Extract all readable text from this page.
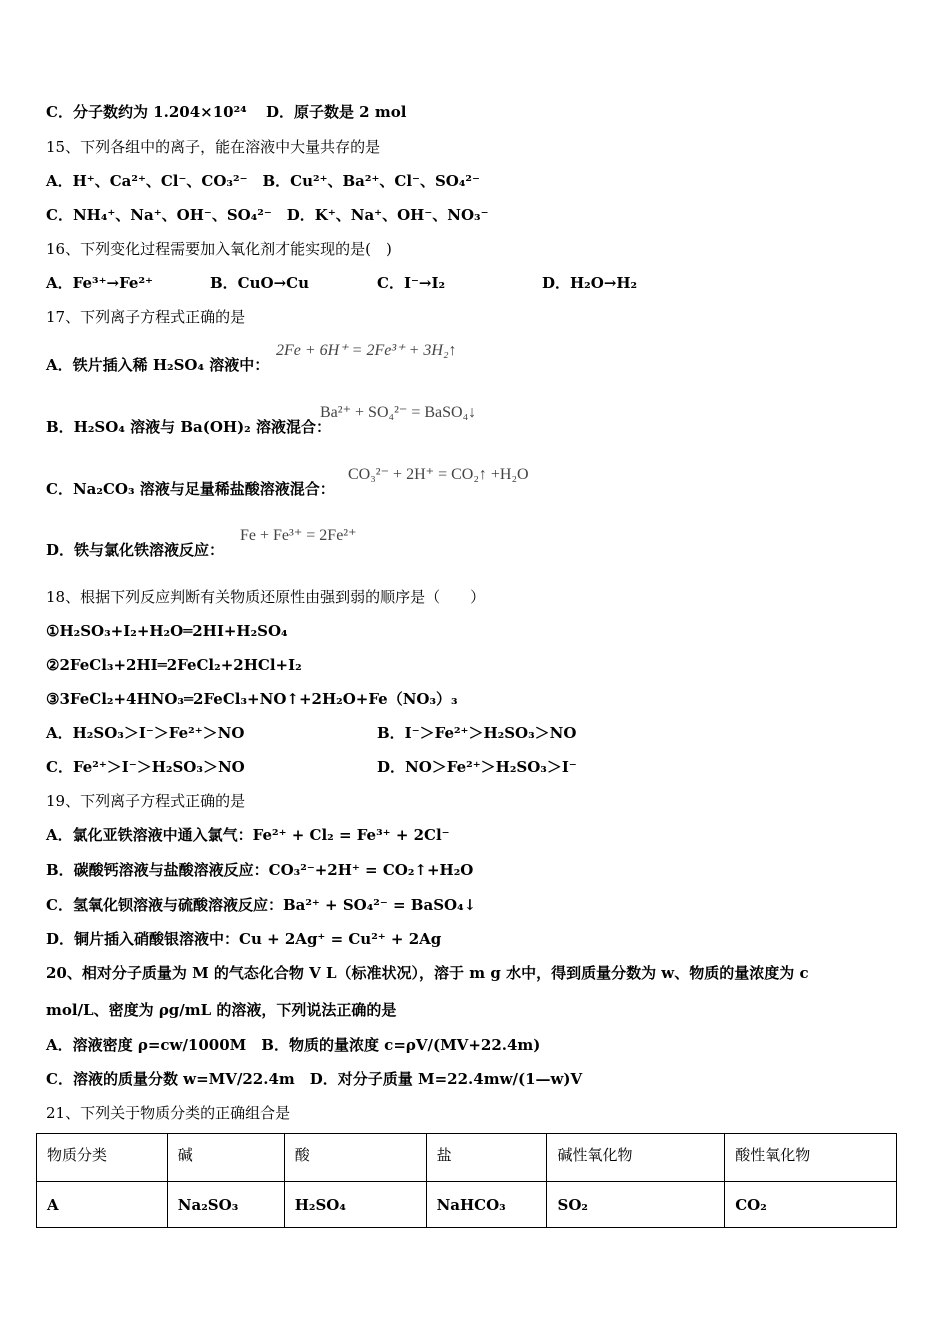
C．分子数约为 1.204×10²⁴ D．原子数是 2 mol
15、下列各组中的离子，能在溶液中大量共存的是
A．H⁺、Ca²⁺、Cl⁻、CO₃²⁻　B．Cu²⁺、Ba²⁺、Cl⁻、SO₄²⁻
C．NH₄⁺、Na⁺、OH⁻、SO₄²⁻　D．K⁺、Na⁺、OH⁻、NO₃⁻
16、下列变化过程需要加入氧化剂才能实现的是(　)
A．Fe³⁺→Fe²⁺	B．CuO→Cu	C．I⁻→I₂	D．H₂O→H₂
17、下列离子方程式正确的是
A．铁片插入稀 H₂SO₄ 溶液中：
2Fe + 6H⁺ = 2Fe³⁺ + 3H₂↑
B．H₂SO₄ 溶液与 Ba(OH)₂ 溶液混合：
Ba²⁺ + SO₄²⁻ = BaSO₄↓
C．Na₂CO₃ 溶液与足量稀盐酸溶液混合：
CO₃²⁻ + 2H⁺ = CO₂↑ +H₂O
D．铁与氯化铁溶液反应：
Fe + Fe³⁺ = 2Fe²⁺
18、根据下列反应判断有关物质还原性由强到弱的顺序是（　　）
①H₂SO₃+I₂+H₂O═2HI+H₂SO₄
②2FeCl₃+2HI═2FeCl₂+2HCl+I₂
③3FeCl₂+4HNO₃═2FeCl₃+NO↑+2H₂O+Fe（NO₃）₃
A．H₂SO₃＞I⁻＞Fe²⁺＞NO	B．I⁻＞Fe²⁺＞H₂SO₃＞NO
C．Fe²⁺＞I⁻＞H₂SO₃＞NO	D．NO＞Fe²⁺＞H₂SO₃＞I⁻
19、下列离子方程式正确的是
A．氯化亚铁溶液中通入氯气：Fe²⁺ + Cl₂ = Fe³⁺ + 2Cl⁻
B．碳酸钙溶液与盐酸溶液反应：CO₃²⁻+2H⁺ = CO₂↑+H₂O
C．氢氧化钡溶液与硫酸溶液反应：Ba²⁺ + SO₄²⁻ = BaSO₄↓
D．铜片插入硝酸银溶液中：Cu + 2Ag⁺ = Cu²⁺ + 2Ag
20、相对分子质量为 M 的气态化合物 V L（标准状况），溶于 m g 水中，得到质量分数为 w、物质的量浓度为 c
mol/L、密度为 ρg/mL 的溶液，下列说法正确的是
A．溶液密度 ρ=cw/1000M　B．物质的量浓度 c=ρV/(MV+22.4m)
C．溶液的质量分数 w=MV/22.4m　D．对分子质量 M=22.4mw/(1—w)V
21、下列关于物质分类的正确组合是
物质分类	碱	酸	盐	碱性氧化物	酸性氧化物
A	Na₂SO₃	H₂SO₄	NaHCO₃	SO₂	CO₂
